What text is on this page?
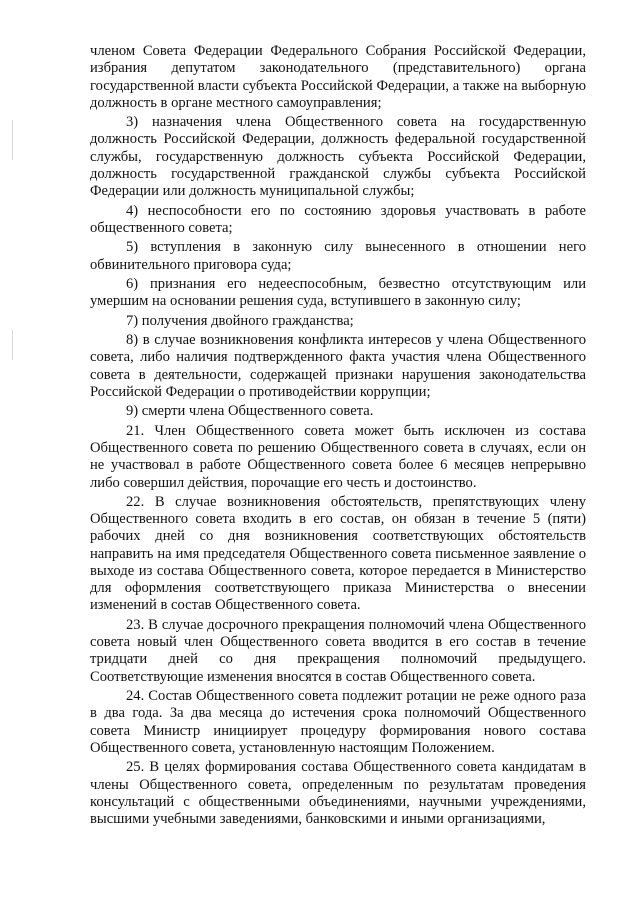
членом Совета Федерации Федерального Собрания Российской Федерации, избрания депутатом законодательного (представительного) органа государственной власти субъекта Российской Федерации, а также на выборную должность в органе местного самоуправления;

3) назначения члена Общественного совета на государственную должность Российской Федерации, должность федеральной государственной службы, государственную должность субъекта Российской Федерации, должность государственной гражданской службы субъекта Российской Федерации или должность муниципальной службы;

4) неспособности его по состоянию здоровья участвовать в работе общественного совета;

5) вступления в законную силу вынесенного в отношении него обвинительного приговора суда;

6) признания его недееспособным, безвестно отсутствующим или умершим на основании решения суда, вступившего в законную силу;

7) получения двойного гражданства;

8) в случае возникновения конфликта интересов у члена Общественного совета, либо наличия подтвержденного факта участия члена Общественного совета в деятельности, содержащей признаки нарушения законодательства Российской Федерации о противодействии коррупции;

9) смерти члена Общественного совета.

21. Член Общественного совета может быть исключен из состава Общественного совета по решению Общественного совета в случаях, если он не участвовал в работе Общественного совета более 6 месяцев непрерывно либо совершил действия, порочащие его честь и достоинство.

22. В случае возникновения обстоятельств, препятствующих члену Общественного совета входить в его состав, он обязан в течение 5 (пяти) рабочих дней со дня возникновения соответствующих обстоятельств направить на имя председателя Общественного совета письменное заявление о выходе из состава Общественного совета, которое передается в Министерство для оформления соответствующего приказа Министерства о внесении изменений в состав Общественного совета.

23. В случае досрочного прекращения полномочий члена Общественного совета новый член Общественного совета вводится в его состав в течение тридцати дней со дня прекращения полномочий предыдущего. Соответствующие изменения вносятся в состав Общественного совета.

24. Состав Общественного совета подлежит ротации не реже одного раза в два года. За два месяца до истечения срока полномочий Общественного совета Министр инициирует процедуру формирования нового состава Общественного совета, установленную настоящим Положением.

25. В целях формирования состава Общественного совета кандидатам в члены Общественного совета, определенным по результатам проведения консультаций с общественными объединениями, научными учреждениями, высшими учебными заведениями, банковскими и иными организациями,
